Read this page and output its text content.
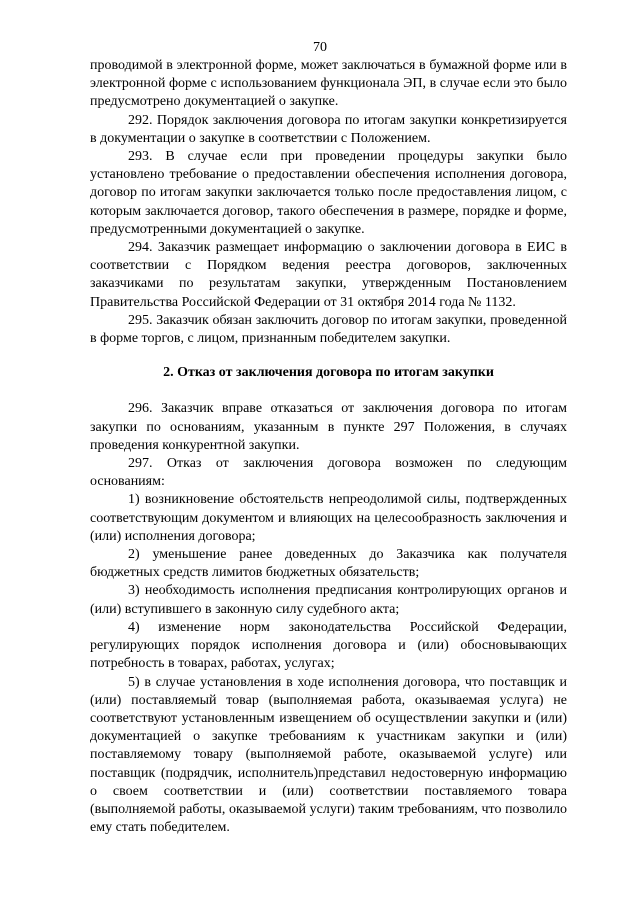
70

проводимой в электронной форме, может заключаться в бумажной форме или в электронной форме с использованием функционала ЭП, в случае если это было предусмотрено документацией о закупке.

292. Порядок заключения договора по итогам закупки конкретизируется в документации о закупке в соответствии с Положением.

293. В случае если при проведении процедуры закупки было установлено требование о предоставлении обеспечения исполнения договора, договор по итогам закупки заключается только после предоставления лицом, с которым заключается договор, такого обеспечения в размере, порядке и форме, предусмотренными документацией о закупке.

294. Заказчик размещает информацию о заключении договора в ЕИС в соответствии с Порядком ведения реестра договоров, заключенных заказчиками по результатам закупки, утвержденным Постановлением Правительства Российской Федерации от 31 октября 2014 года № 1132.

295. Заказчик обязан заключить договор по итогам закупки, проведенной в форме торгов, с лицом, признанным победителем закупки.

2. Отказ от заключения договора по итогам закупки

296. Заказчик вправе отказаться от заключения договора по итогам закупки по основаниям, указанным в пункте 297 Положения, в случаях проведения конкурентной закупки.

297. Отказ от заключения договора возможен по следующим основаниям:

1) возникновение обстоятельств непреодолимой силы, подтвержденных соответствующим документом и влияющих на целесообразность заключения и (или) исполнения договора;

2) уменьшение ранее доведенных до Заказчика как получателя бюджетных средств лимитов бюджетных обязательств;

3) необходимость исполнения предписания контролирующих органов и (или) вступившего в законную силу судебного акта;

4) изменение норм законодательства Российской Федерации, регулирующих порядок исполнения договора и (или) обосновывающих потребность в товарах, работах, услугах;

5) в случае установления в ходе исполнения договора, что поставщик и (или) поставляемый товар (выполняемая работа, оказываемая услуга) не соответствуют установленным извещением об осуществлении закупки и (или) документацией о закупке требованиям к участникам закупки и (или) поставляемому товару (выполняемой работе, оказываемой услуге) или поставщик (подрядчик, исполнитель)представил недостоверную информацию о своем соответствии и (или) соответствии поставляемого товара (выполняемой работы, оказываемой услуги) таким требованиям, что позволило ему стать победителем.
